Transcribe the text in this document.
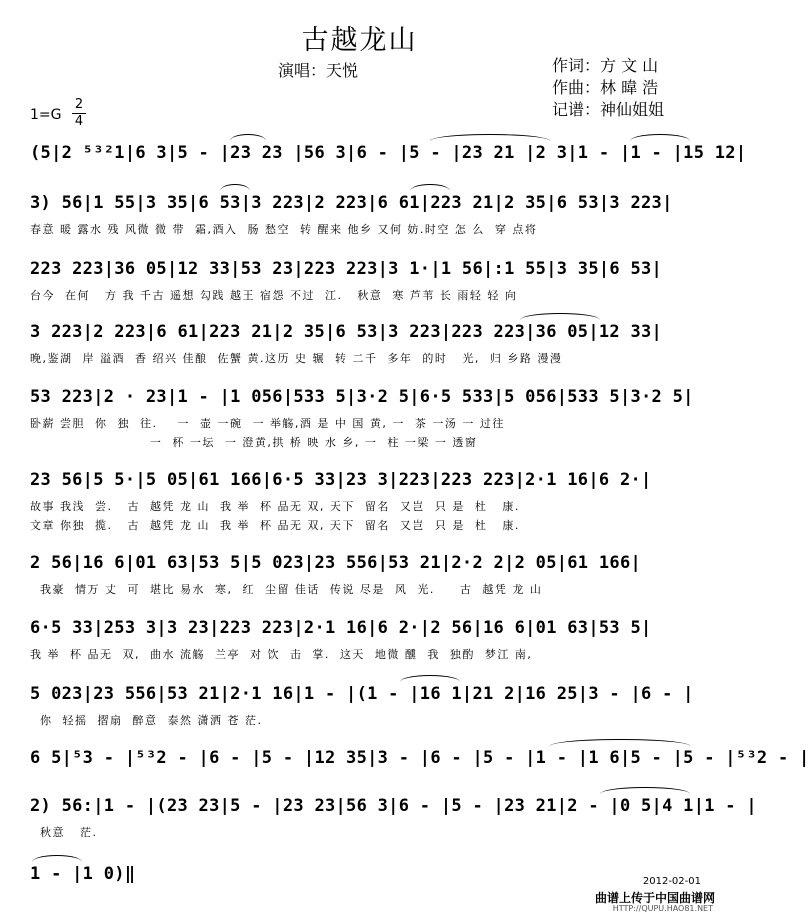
古越龙山
演唱：天悦	作词：方 文 山
作曲：林 暐 浩
记谱：神仙姐姐
1=G
2
4
(5|2 ⁵³²1|6 3|5 - |23 23 |56 3|6 - |5 - |23 21 |2 3|1 - |1 - |15 12|
3) 56|1 55|3 35|6 53|3 223|2 223|6 61|223 21|2 35|6 53|3 223|
春意 暖 露水 残 风微 微 带  霜,酒入  肠 愁空  转 醒来 他乡 又何 妨.时空 怎 么  穿 点将
223 223|36 05|12 33|53 23|223 223|3 1·|1 56|:1 55|3 35|6 53|
台今  在何   方 我 千古 遥想 勾践 越王 宿怨 不过  江.   秋意  寒 芦苇 长 雨轻 轻 向
3 223|2 223|6 61|223 21|2 35|6 53|3 223|223 223|36 05|12 33|
晚,鉴湖  岸 溢酒  香 绍兴 佳酿  佐蟹 黄.这历 史 辗  转 二千  多年  的时   光,  归 乡路 漫漫
53 223|2 · 23|1 - |1 056|533 5|3·2 5|6·5 533|5 056|533 5|3·2 5|
卧薪 尝胆  你  独  往.    一  壶 一碗  一 举觞,酒 是 中 国 黄, 一  茶 一汤 一 过往
一  杯 一坛  一 澄黄,拱 桥 映 水 乡, 一  柱 一梁 一 透窗
23 56|5 5·|5 05|61 166|6·5 33|23 3|223|223 223|2·1 16|6 2·|
故事 我浅  尝.   古  越凭 龙 山  我 举  杯 品无 双, 天下  留名  又岂  只 是  杜   康.
文章 你独  揽.   古  越凭 龙 山  我 举  杯 品无 双, 天下  留名  又岂  只 是  杜   康.
2 56|16 6|01 63|53 5|5 023|23 556|53 21|2·2 2|2 05|61 166|
我豪  情万 丈  可  堪比 易水  寒,  红  尘留 佳话  传说 尽是  风  光.     古  越凭 龙 山
6·5 33|253 3|3 23|223 223|2·1 16|6 2·|2 56|16 6|01 63|53 5|
我 举  杯 品无  双,  曲水 流觞  兰亭  对 饮  击  掌.  这天  地微 醺  我  独酌  梦江 南,
5 023|23 556|53 21|2·1 16|1 - |(1 - |16 1|21 2|16 25|3 - |6 - |
你  轻摇  摺扇  醉意  泰然 潇洒 苍 茫.
6 5|⁵3 - |⁵³2 - |6 - |5 - |12 35|3 - |6 - |5 - |1 - |1 6|5 - |5 - |⁵³2 - |
2) 56:|1 - |(23 23|5 - |23 23|56 3|6 - |5 - |23 21|2 - |0 5|4 1|1 - |
秋意   茫.
1 - |1 0)‖	2012-02-01
曲谱上传于中国曲谱网
HTTP://QUPU.HAO81.NET
